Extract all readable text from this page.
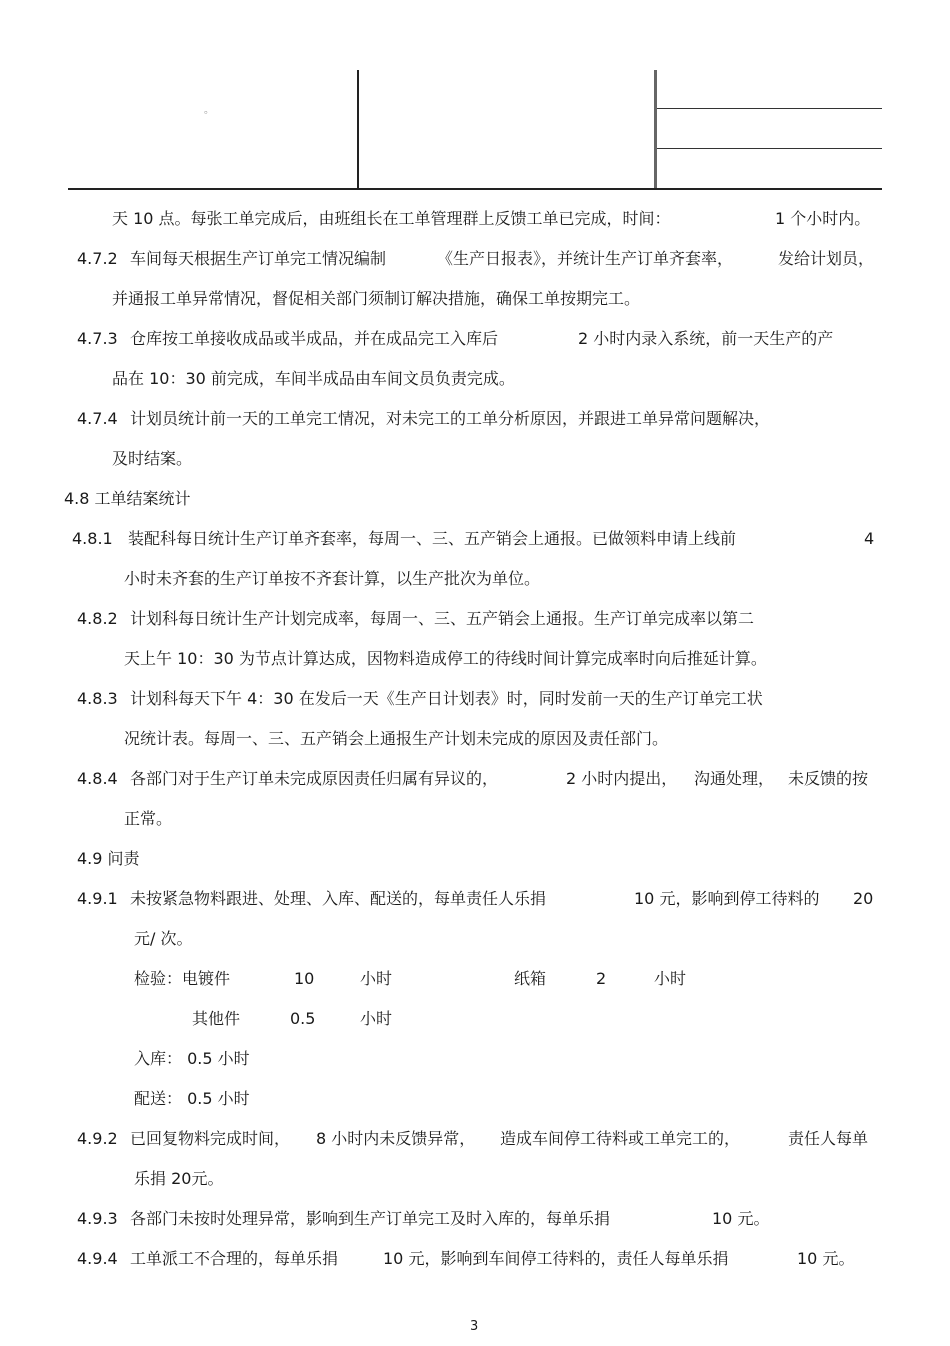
。
天 10 点。每张工单完成后，由班组长在工单管理群上反馈工单已完成，时间：	1 个小时内。
4.7.2 车间每天根据生产订单完工情况编制	《生产日报表》，并统计生产订单齐套率，	发给计划员，
并通报工单异常情况，督促相关部门须制订解决措施，确保工单按期完工。
4.7.3 仓库按工单接收成品或半成品，并在成品完工入库后	2 小时内录入系统，前一天生产的产
品在 10：30 前完成，车间半成品由车间文员负责完成。
4.7.4 计划员统计前一天的工单完工情况，对未完工的工单分析原因，并跟进工单异常问题解决，
及时结案。
4.8 工单结案统计
4.8.1 装配科每日统计生产订单齐套率，每周一、三、五产销会上通报。已做领料申请上线前	4
小时未齐套的生产订单按不齐套计算，以生产批次为单位。
4.8.2 计划科每日统计生产计划完成率，每周一、三、五产销会上通报。生产订单完成率以第二
天上午 10：30 为节点计算达成，因物料造成停工的待线时间计算完成率时向后推延计算。
4.8.3 计划科每天下午 4：30 在发后一天《生产日计划表》时，同时发前一天的生产订单完工状
况统计表。每周一、三、五产销会上通报生产计划未完成的原因及责任部门。
4.8.4 各部门对于生产订单未完成原因责任归属有异议的，	2 小时内提出， 沟通处理， 未反馈的按
正常。
4.9 问责
4.9.1 未按紧急物料跟进、处理、入库、配送的，每单责任人乐捐	10 元，影响到停工待料的 20
元/ 次。
检验：电镀件	10	小时	纸箱	2	小时
其他件	0.5	小时
入库： 0.5 小时
配送： 0.5 小时
4.9.2 已回复物料完成时间， 8 小时内未反馈异常， 造成车间停工待料或工单完工的，	责任人每单
乐捐 20元。
4.9.3 各部门未按时处理异常，影响到生产订单完工及时入库的，每单乐捐	10 元。
4.9.4 工单派工不合理的，每单乐捐	10 元，影响到车间停工待料的，责任人每单乐捐	10 元。
3
